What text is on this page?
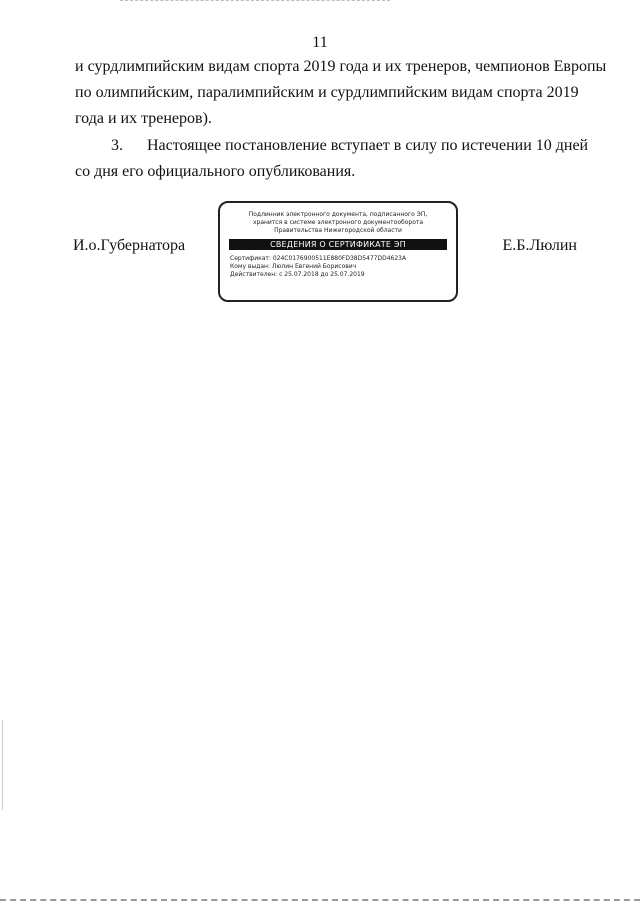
11
и сурдлимпийским видам спорта 2019 года и их тренеров, чемпионов Европы
по олимпийским, паралимпийским и сурдлимпийским видам спорта 2019
года и их тренеров).
3. Настоящее постановление вступает в силу по истечении 10 дней
со дня его официального опубликования.
И.о.Губернатора
Подлинник электронного документа, подписанного ЭП,
хранится в системе электронного документооборота
Правительства Нижегородской области
СВЕДЕНИЯ О СЕРТИФИКАТЕ ЭП
Сертификат: 024C0176900511E880FD38D5477DD4623A
Кому выдан: Люлин Евгений Борисович
Действителен: с 25.07.2018 до 25.07.2019
Е.Б.Люлин
